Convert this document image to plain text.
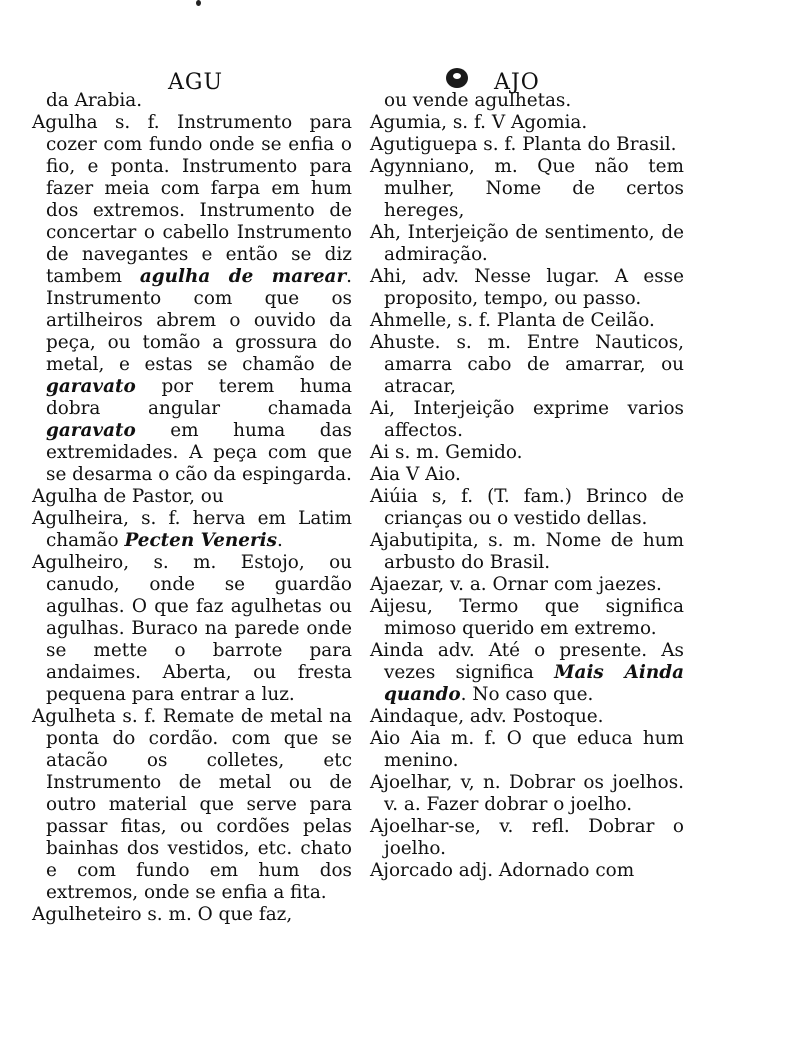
AGU	AJO
da Arabia.
Agulha s. f. Instrumento para cozer com fundo onde se enfia o fio, e ponta. Instrumento para fazer meia com farpa em hum dos extremos. Instrumento de concertar o cabello Instrumento de navegantes e então se diz tambem agulha de marear. Instrumento com que os artilheiros abrem o ouvido da peça, ou tomão a grossura do metal, e estas se chamão de garavato por terem huma dobra angular chamada garavato em huma das extremidades. A peça com que se desarma o cão da espingarda.
Agulha de Pastor, ou
Agulheira, s. f. herva em Latim chamão Pecten Veneris.
Agulheiro, s. m. Estojo, ou canudo, onde se guardão agulhas. O que faz agulhetas ou agulhas. Buraco na parede onde se mette o barrote para andaimes. Aberta, ou fresta pequena para entrar a luz.
Agulheta s. f. Remate de metal na ponta do cordão. com que se atacão os colletes, etc Instrumento de metal ou de outro material que serve para passar fitas, ou cordões pelas bainhas dos vestidos, etc. chato e com fundo em hum dos extremos, onde se enfia a fita.
Agulheteiro s. m. O que faz,
ou vende agulhetas.
Agumia, s. f. V Agomia.
Agutiguepa s. f. Planta do Brasil.
Agynniano, m. Que não tem mulher, Nome de certos hereges,
Ah, Interjeição de sentimento, de admiração.
Ahi, adv. Nesse lugar. A esse proposito, tempo, ou passo.
Ahmelle, s. f. Planta de Ceilão.
Ahuste. s. m. Entre Nauticos, amarra cabo de amarrar, ou atracar,
Ai, Interjeição exprime varios affectos.
Ai s. m. Gemido.
Aia V Aio.
Aiúia s, f. (T. fam.) Brinco de crianças ou o vestido dellas.
Ajabutipita, s. m. Nome de hum arbusto do Brasil.
Ajaezar, v. a. Ornar com jaezes.
Aijesu, Termo que significa mimoso querido em extremo.
Ainda adv. Até o presente. As vezes significa Mais Ainda quando. No caso que.
Aindaque, adv. Postoque.
Aio Aia m. f. O que educa hum menino.
Ajoelhar, v, n. Dobrar os joelhos. v. a. Fazer dobrar o joelho.
Ajoelhar-se, v. refl. Dobrar o joelho.
Ajorcado adj. Adornado com
